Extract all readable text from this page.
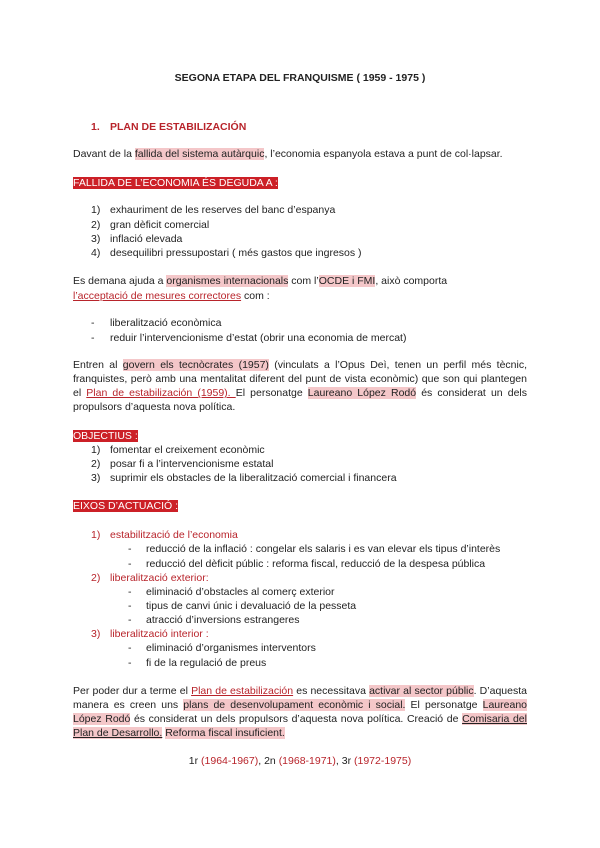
SEGONA ETAPA DEL FRANQUISME ( 1959 - 1975 )
1. PLAN DE ESTABILIZACIÓN
Davant de la fallida del sistema autàrquic, l’economia espanyola estava a punt de col·lapsar.
FALLIDA DE L’ECONOMIA ÉS DEGUDA A :
1) exhauriment de les reserves del banc d’espanya
2) gran dèficit comercial
3) inflació elevada
4) desequilibri pressupostari ( més gastos que ingresos )
Es demana ajuda a organismes internacionals com l’OCDE i FMI, això comporta
l’acceptació de mesures correctores com :
- liberalització econòmica
- reduir l’intervencionisme d’estat (obrir una economia de mercat)
Entren al govern els tecnòcrates (1957) (vinculats a l’Opus Deì, tenen un perfil més tècnic, franquistes, però amb una mentalitat diferent del punt de vista econòmic) que son qui plantegen el Plan de estabilización (1959). El personatge Laureano López Rodó és considerat un dels propulsors d’aquesta nova política.
OBJECTIUS :
1) fomentar el creixement econòmic
2) posar fi a l’intervencionisme estatal
3) suprimir els obstacles de la liberalització comercial i financera
EIXOS D’ACTUACIÓ :
1) estabilització de l’economia
- reducció de la inflació : congelar els salaris i es van elevar els tipus d’interès
- reducció del dèficit públic : reforma fiscal, reducció de la despesa pública
2) liberalització exterior:
- eliminació d’obstacles al comerç exterior
- tipus de canvi únic i devaluació de la pesseta
- atracció d’inversions estrangeres
3) liberalització interior :
- eliminació d’organismes interventors
- fi de la regulació de preus
Per poder dur a terme el Plan de estabilización es necessitava activar al sector públic. D’aquesta manera es creen uns plans de desenvolupament econòmic i social. El personatge Laureano López Rodó és considerat un dels propulsors d’aquesta nova política. Creació de Comisaria del Plan de Desarrollo. Reforma fiscal insuficient.
1r (1964-1967), 2n (1968-1971), 3r (1972-1975)
